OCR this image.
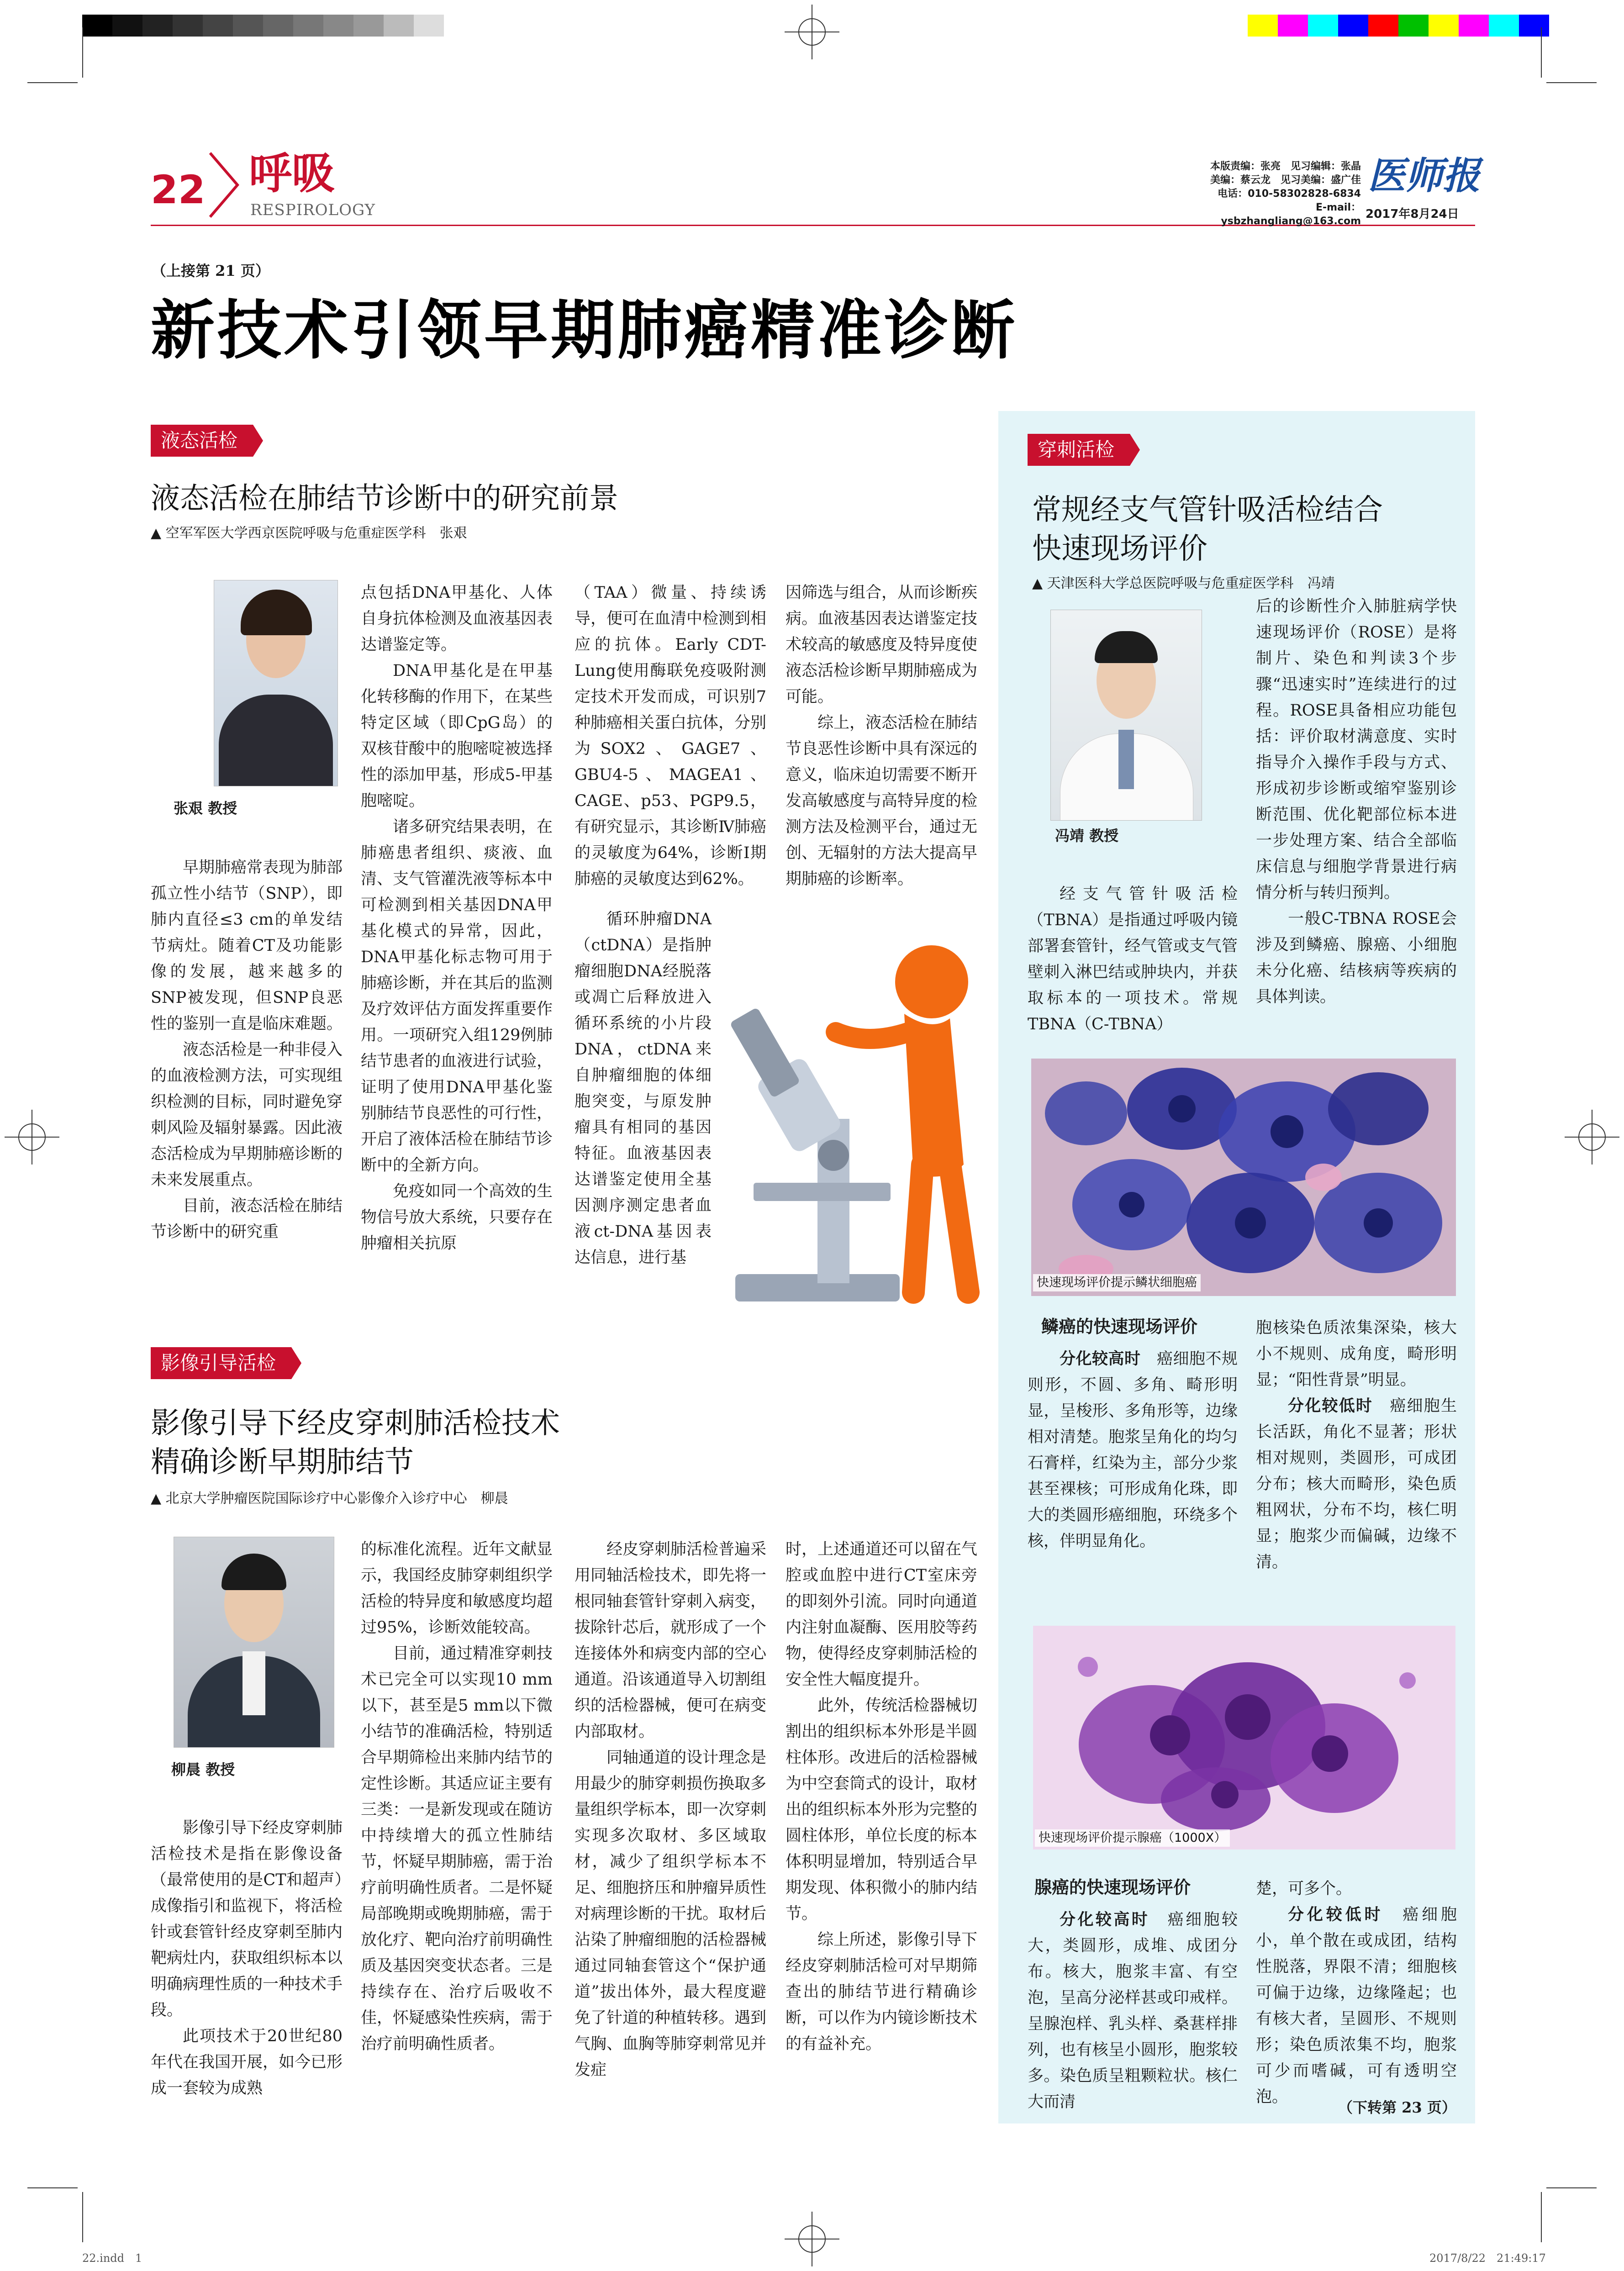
22 呼吸
RESPIROLOGY
本版责编：张亮　见习编辑：张晶
美编：蔡云龙　见习美编：盛广佳
电话：010-58302828-6834
E-mail：ysbzhangliang@163.com
医师报
2017年8月24日
（上接第 21 页）
新技术引领早期肺癌精准诊断
液态活检
液态活检在肺结节诊断中的研究前景
▲ 空军军医大学西京医院呼吸与危重症医学科　张艰
张艰 教授

早期肺癌常表现为肺部孤立性小结节（SNP），即肺内直径≤3 cm的单发结节病灶。随着CT及功能影像的发展，越来越多的SNP被发现，但SNP良恶性的鉴别一直是临床难题。

液态活检是一种非侵入的血液检测方法，可实现组织检测的目标，同时避免穿刺风险及辐射暴露。因此液态活检成为早期肺癌诊断的未来发展重点。

目前，液态活检在肺结节诊断中的研究重

点包括DNA甲基化、人体自身抗体检测及血液基因表达谱鉴定等。

DNA甲基化是在甲基化转移酶的作用下，在某些特定区域（即CpG岛）的双核苷酸中的胞嘧啶被选择性的添加甲基，形成5-甲基胞嘧啶。

诸多研究结果表明，在肺癌患者组织、痰液、血清、支气管灌洗液等标本中可检测到相关基因DNA甲基化模式的异常，因此，DNA甲基化标志物可用于肺癌诊断，并在其后的监测及疗效评估方面发挥重要作用。一项研究入组129例肺结节患者的血液进行试验，证明了使用DNA甲基化鉴别肺结节良恶性的可行性，开启了液体活检在肺结节诊断中的全新方向。

免疫如同一个高效的生物信号放大系统，只要存在肿瘤相关抗原

（TAA）微量、持续诱导，便可在血清中检测到相应的抗体。Early CDT-Lung使用酶联免疫吸附测定技术开发而成，可识别7种肺癌相关蛋白抗体，分别为SOX2、GAGE7、GBU4-5、MAGEA1、CAGE、p53、PGP9.5，有研究显示，其诊断Ⅳ肺癌的灵敏度为64%，诊断Ⅰ期肺癌的灵敏度达到62%。

循环肿瘤DNA（ctDNA）是指肿瘤细胞DNA经脱落或凋亡后释放进入循环系统的小片段DNA，ctDNA来自肿瘤细胞的体细胞突变，与原发肿瘤具有相同的基因特征。血液基因表达谱鉴定使用全基因测序测定患者血液ct-DNA基因表达信息，进行基

因筛选与组合，从而诊断疾病。血液基因表达谱鉴定技术较高的敏感度及特异度使液态活检诊断早期肺癌成为可能。

综上，液态活检在肺结节良恶性诊断中具有深远的意义，临床迫切需要不断开发高敏感度与高特异度的检测方法及检测平台，通过无创、无辐射的方法大提高早期肺癌的诊断率。

影像引导活检
影像引导下经皮穿刺肺活检技术
精确诊断早期肺结节
▲ 北京大学肿瘤医院国际诊疗中心影像介入诊疗中心　柳晨
柳晨 教授

影像引导下经皮穿刺肺活检技术是指在影像设备（最常使用的是CT和超声）成像指引和监视下，将活检针或套管针经皮穿刺至肺内靶病灶内，获取组织标本以明确病理性质的一种技术手段。

此项技术于20世纪80年代在我国开展，如今已形成一套较为成熟

的标准化流程。近年文献显示，我国经皮肺穿刺组织学活检的特异度和敏感度均超过95%，诊断效能较高。

目前，通过精准穿刺技术已完全可以实现10 mm以下，甚至是5 mm以下微小结节的准确活检，特别适合早期筛检出来肺内结节的定性诊断。其适应证主要有三类：一是新发现或在随访中持续增大的孤立性肺结节，怀疑早期肺癌，需于治疗前明确性质者。二是怀疑局部晚期或晚期肺癌，需于放化疗、靶向治疗前明确性质及基因突变状态者。三是持续存在、治疗后吸收不佳，怀疑感染性疾病，需于治疗前明确性质者。

经皮穿刺肺活检普遍采用同轴活检技术，即先将一根同轴套管针穿刺入病变，拔除针芯后，就形成了一个连接体外和病变内部的空心通道。沿该通道导入切割组织的活检器械，便可在病变内部取材。

同轴通道的设计理念是用最少的肺穿刺损伤换取多量组织学标本，即一次穿刺实现多次取材、多区域取材，减少了组织学标本不足、细胞挤压和肿瘤异质性对病理诊断的干扰。取材后沾染了肿瘤细胞的活检器械通过同轴套管这个“保护通道”拔出体外，最大程度避免了针道的种植转移。遇到气胸、血胸等肺穿刺常见并发症

时，上述通道还可以留在气腔或血腔中进行CT室床旁的即刻外引流。同时向通道内注射血凝酶、医用胶等药物，使得经皮穿刺肺活检的安全性大幅度提升。

此外，传统活检器械切割出的组织标本外形是半圆柱体形。改进后的活检器械为中空套筒式的设计，取材出的组织标本外形为完整的圆柱体形，单位长度的标本体积明显增加，特别适合早期发现、体积微小的肺内结节。

综上所述，影像引导下经皮穿刺肺活检可对早期筛查出的肺结节进行精确诊断，可以作为内镜诊断技术的有益补充。

穿刺活检
常规经支气管针吸活检结合
快速现场评价
▲ 天津医科大学总医院呼吸与危重症医学科　冯靖
冯靖 教授

后的诊断性介入肺脏病学快速现场评价（ROSE）是将制片、染色和判读3个步骤“迅速实时”连续进行的过程。ROSE具备相应功能包括：评价取材满意度、实时指导介入操作手段与方式、形成初步诊断或缩窄鉴别诊断范围、优化靶部位标本进一步处理方案、结合全部临床信息与细胞学背景进行病情分析与转归预判。

一般C-TBNA ROSE会涉及到鳞癌、腺癌、小细胞未分化癌、结核病等疾病的具体判读。

经支气管针吸活检（TBNA）是指通过呼吸内镜部署套管针，经气管或支气管壁刺入淋巴结或肿块内，并获取标本的一项技术。常规TBNA（C-TBNA）

快速现场评价提示鳞状细胞癌
鳞癌的快速现场评价

分化较高时  癌细胞不规则形，不圆、多角、畸形明显，呈梭形、多角形等，边缘相对清楚。胞浆呈角化的均匀石膏样，红染为主，部分少浆甚至裸核；可形成角化珠，即大的类圆形癌细胞，环绕多个核，伴明显角化。

胞核染色质浓集深染，核大小不规则、成角度，畸形明显；“阳性背景”明显。

分化较低时  癌细胞生长活跃，角化不显著；形状相对规则，类圆形，可成团分布；核大而畸形，染色质粗网状，分布不均，核仁明显；胞浆少而偏碱，边缘不清。

快速现场评价提示腺癌（1000X）
腺癌的快速现场评价

分化较高时  癌细胞较大，类圆形，成堆、成团分布。核大，胞浆丰富、有空泡，呈高分泌样甚或印戒样。呈腺泡样、乳头样、桑葚样排列，也有核呈小圆形，胞浆较多。染色质呈粗颗粒状。核仁大而清

楚，可多个。

分化较低时  癌细胞小，单个散在或成团，结构性脱落，界限不清；细胞核可偏于边缘，边缘隆起；也有核大者，呈圆形、不规则形；染色质浓集不均，胞浆可少而嗜碱，可有透明空泡。

（下转第 23 页）
22.indd　1	2017/8/22　21:49:17
